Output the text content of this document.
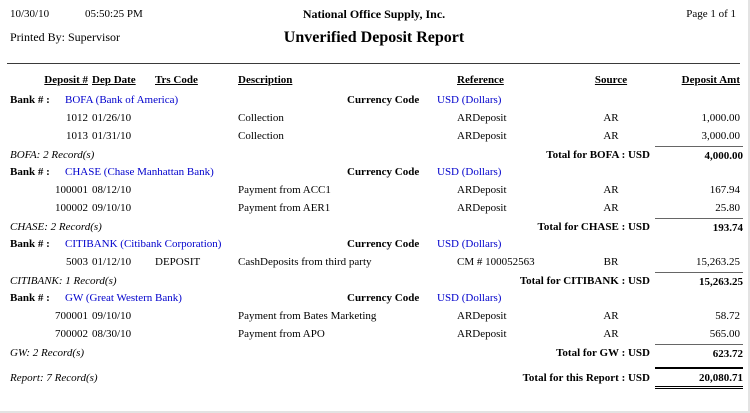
10/30/10	05:50:25 PM	National Office Supply, Inc.	Page 1 of 1
Printed By: Supervisor	Unverified Deposit Report
Deposit # Dep Date Trs Code	Description	Reference	Source	Deposit Amt
Bank # : BOFA (Bank of America)	Currency Code USD (Dollars)
1012 01/26/10	Collection	ARDeposit	AR	1,000.00
1013 01/31/10	Collection	ARDeposit	AR	3,000.00
BOFA: 2 Record(s)	Total for BOFA : USD	4,000.00
Bank # : CHASE (Chase Manhattan Bank)	Currency Code USD (Dollars)
100001 08/12/10	Payment from ACC1	ARDeposit	AR	167.94
100002 09/10/10	Payment from AER1	ARDeposit	AR	25.80
CHASE: 2 Record(s)	Total for CHASE : USD	193.74
Bank # : CITIBANK (Citibank Corporation)	Currency Code USD (Dollars)
5003 01/12/10 DEPOSIT	CashDeposits from third party	CM # 100052563	BR	15,263.25
CITIBANK: 1 Record(s)	Total for CITIBANK : USD	15,263.25
Bank # : GW (Great Western Bank)	Currency Code USD (Dollars)
700001 09/10/10	Payment from Bates Marketing	ARDeposit	AR	58.72
700002 08/30/10	Payment from APO	ARDeposit	AR	565.00
GW: 2 Record(s)	Total for GW : USD	623.72
Report: 7 Record(s)	Total for this Report : USD	20,080.71
